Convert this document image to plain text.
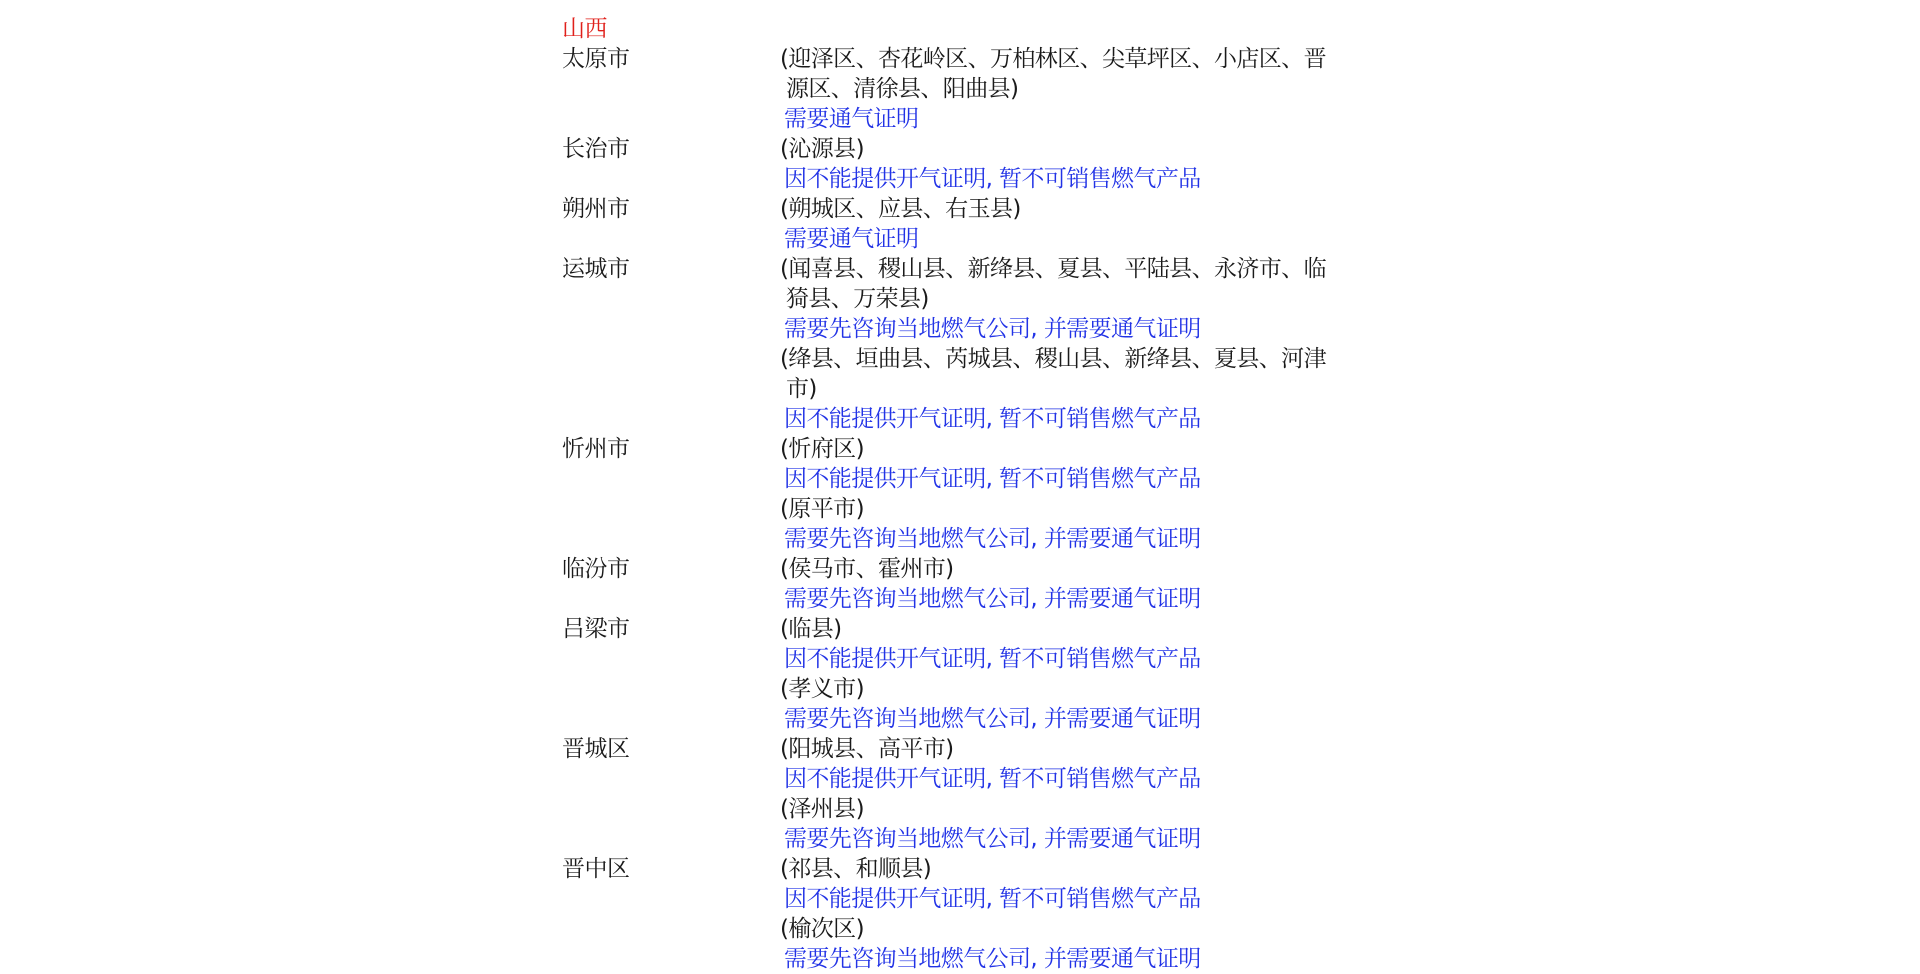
山西
太原市	(迎泽区、杏花岭区、万柏林区、尖草坪区、小店区、晋源区、清徐县、阳曲县)
需要通气证明
长治市	(沁源县)
因不能提供开气证明, 暂不可销售燃气产品
朔州市	(朔城区、应县、右玉县)
需要通气证明
运城市	(闻喜县、稷山县、新绛县、夏县、平陆县、永济市、临猗县、万荣县)
需要先咨询当地燃气公司, 并需要通气证明
(绛县、垣曲县、芮城县、稷山县、新绛县、夏县、河津市)
因不能提供开气证明, 暂不可销售燃气产品
忻州市	(忻府区)
因不能提供开气证明, 暂不可销售燃气产品
(原平市)
需要先咨询当地燃气公司, 并需要通气证明
临汾市	(侯马市、霍州市)
需要先咨询当地燃气公司, 并需要通气证明
吕梁市	(临县)
因不能提供开气证明, 暂不可销售燃气产品
(孝义市)
需要先咨询当地燃气公司, 并需要通气证明
晋城区	(阳城县、高平市)
因不能提供开气证明, 暂不可销售燃气产品
(泽州县)
需要先咨询当地燃气公司, 并需要通气证明
晋中区	(祁县、和顺县)
因不能提供开气证明, 暂不可销售燃气产品
(榆次区)
需要先咨询当地燃气公司, 并需要通气证明
